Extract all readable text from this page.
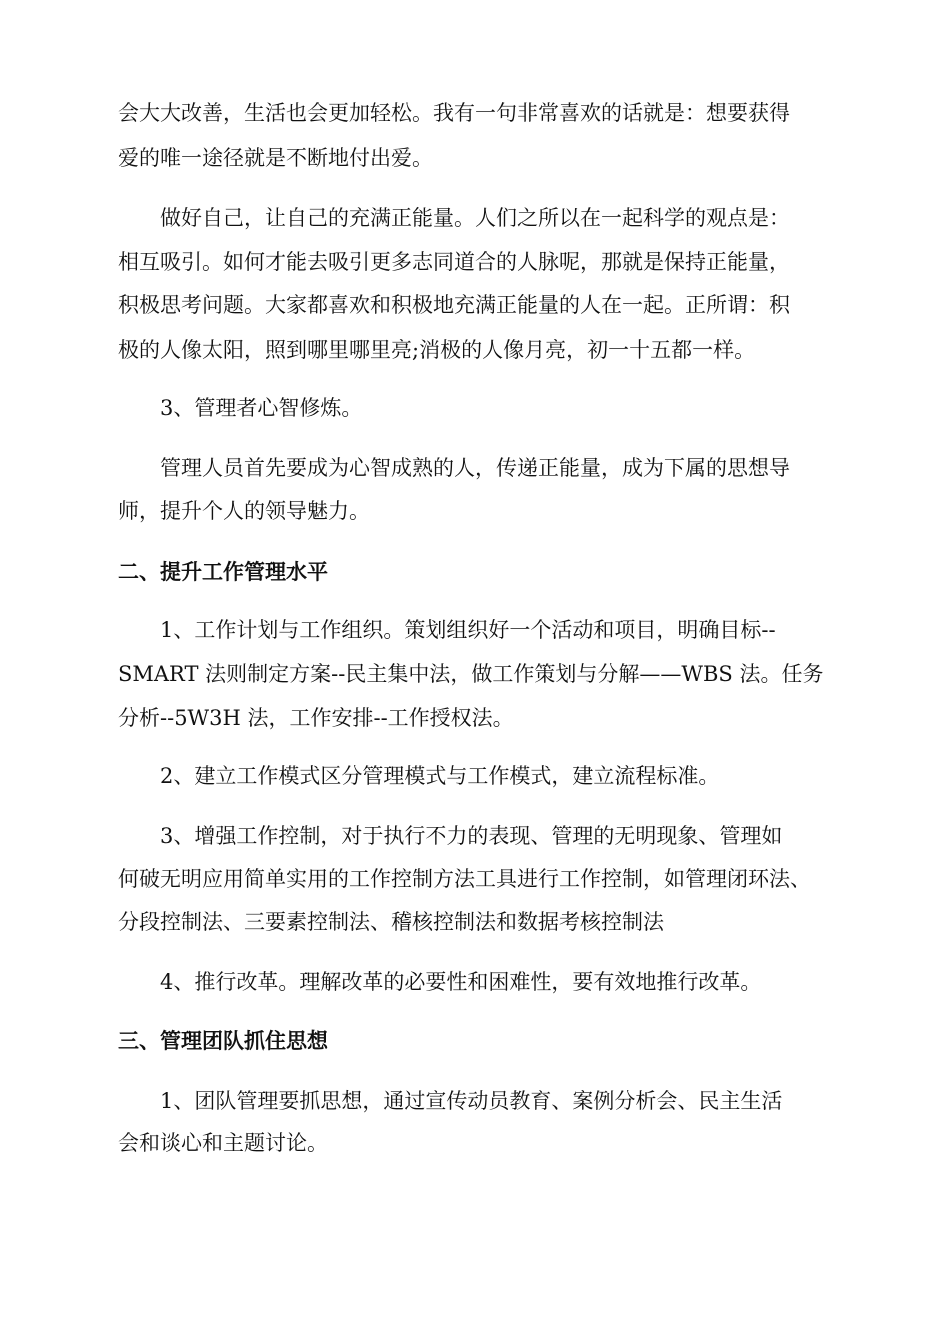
会大大改善，生活也会更加轻松。我有一句非常喜欢的话就是：想要获得
爱的唯一途径就是不断地付出爱。
做好自己，让自己的充满正能量。人们之所以在一起科学的观点是：
相互吸引。如何才能去吸引更多志同道合的人脉呢，那就是保持正能量，
积极思考问题。大家都喜欢和积极地充满正能量的人在一起。正所谓：积
极的人像太阳，照到哪里哪里亮;消极的人像月亮，初一十五都一样。
3、管理者心智修炼。
管理人员首先要成为心智成熟的人，传递正能量，成为下属的思想导
师，提升个人的领导魅力。
二、提升工作管理水平
1、工作计划与工作组织。策划组织好一个活动和项目，明确目标--
SMART 法则制定方案--民主集中法，做工作策划与分解——WBS 法。任务
分析--5W3H 法，工作安排--工作授权法。
2、建立工作模式区分管理模式与工作模式，建立流程标准。
3、增强工作控制，对于执行不力的表现、管理的无明现象、管理如
何破无明应用简单实用的工作控制方法工具进行工作控制，如管理闭环法、
分段控制法、三要素控制法、稽核控制法和数据考核控制法
4、推行改革。理解改革的必要性和困难性，要有效地推行改革。
三、管理团队抓住思想
1、团队管理要抓思想，通过宣传动员教育、案例分析会、民主生活
会和谈心和主题讨论。
